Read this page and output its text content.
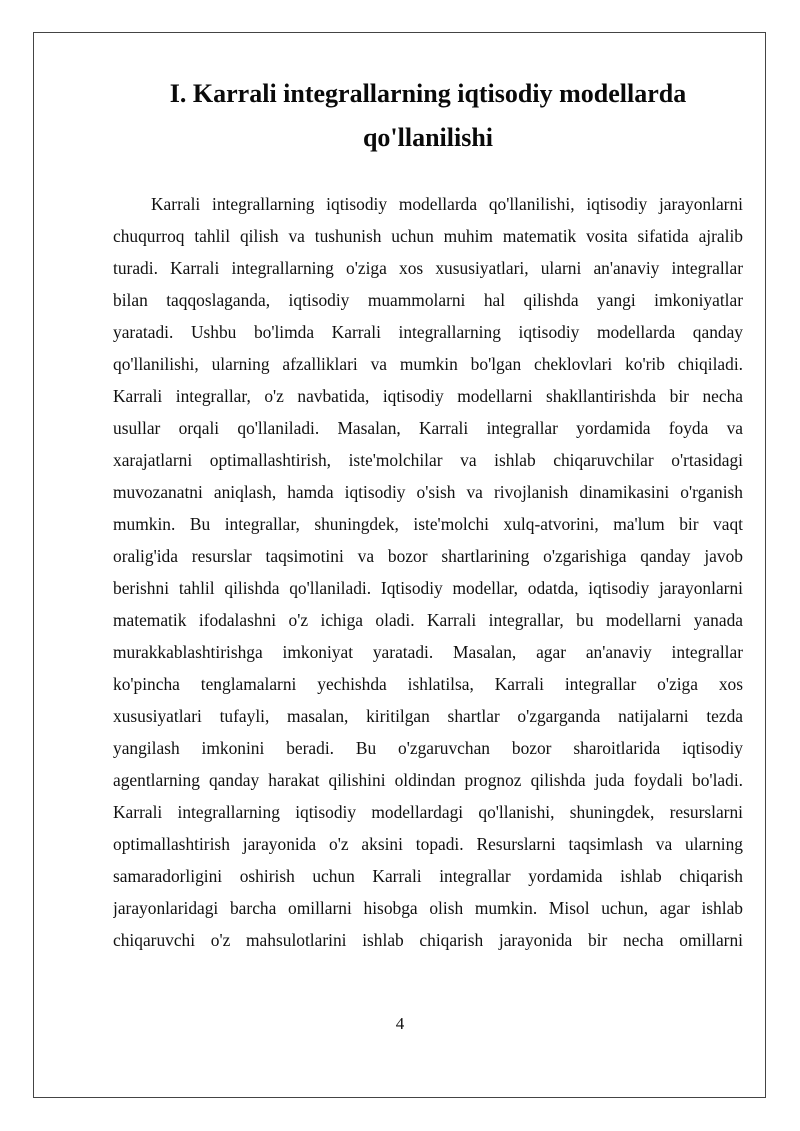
I. Karrali integrallarning iqtisodiy modellarda
qo'llanilishi
Karrali integrallarning iqtisodiy modellarda qo'llanilishi, iqtisodiy jarayonlarni
chuqurroq tahlil qilish va tushunish uchun muhim matematik vosita sifatida ajralib
turadi. Karrali integrallarning o'ziga xos xususiyatlari, ularni an'anaviy integrallar
bilan taqqoslaganda, iqtisodiy muammolarni hal qilishda yangi imkoniyatlar
yaratadi. Ushbu bo'limda Karrali integrallarning iqtisodiy modellarda qanday
qo'llanilishi, ularning afzalliklari va mumkin bo'lgan cheklovlari ko'rib chiqiladi.
Karrali integrallar, o'z navbatida, iqtisodiy modellarni shakllantirishda bir necha
usullar orqali qo'llaniladi. Masalan, Karrali integrallar yordamida foyda va
xarajatlarni optimallashtirish, iste'molchilar va ishlab chiqaruvchilar o'rtasidagi
muvozanatni aniqlash, hamda iqtisodiy o'sish va rivojlanish dinamikasini o'rganish
mumkin. Bu integrallar, shuningdek, iste'molchi xulq-atvorini, ma'lum bir vaqt
oralig'ida resurslar taqsimotini va bozor shartlarining o'zgarishiga qanday javob
berishni tahlil qilishda qo'llaniladi. Iqtisodiy modellar, odatda, iqtisodiy jarayonlarni
matematik ifodalashni o'z ichiga oladi. Karrali integrallar, bu modellarni yanada
murakkablashtirishga imkoniyat yaratadi. Masalan, agar an'anaviy integrallar
ko'pincha tenglamalarni yechishda ishlatilsa, Karrali integrallar o'ziga xos
xususiyatlari tufayli, masalan, kiritilgan shartlar o'zgarganda natijalarni tezda
yangilash imkonini beradi. Bu o'zgaruvchan bozor sharoitlarida iqtisodiy
agentlarning qanday harakat qilishini oldindan prognoz qilishda juda foydali bo'ladi.
Karrali integrallarning iqtisodiy modellardagi qo'llanishi, shuningdek, resurslarni
optimallashtirish jarayonida o'z aksini topadi. Resurslarni taqsimlash va ularning
samaradorligini oshirish uchun Karrali integrallar yordamida ishlab chiqarish
jarayonlaridagi barcha omillarni hisobga olish mumkin. Misol uchun, agar ishlab
chiqaruvchi o'z mahsulotlarini ishlab chiqarish jarayonida bir necha omillarni
4
